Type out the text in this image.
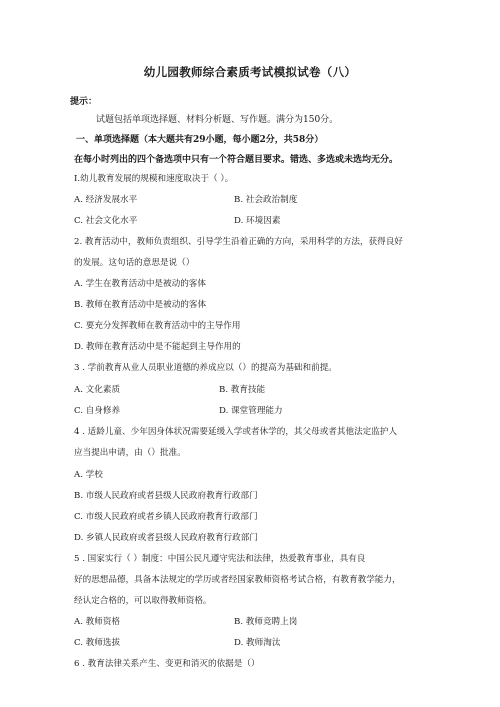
幼儿园教师综合素质考试模拟试卷（八）
提示：
试题包括单项选择题、材料分析题、写作题。满分为150分。
一、单项选择题（本大题共有29小题，每小题2分，共58分）
在每小时列出的四个备选项中只有一个符合题目要求。错选、多选或未选均无分。
I.幼儿教育发展的规模和速度取决于（ ）。
A. 经济发展水平	B. 社会政治制度
C. 社会文化水平	D. 环境因素
2. 教育活动中，教师负责组织、引导学生沿着正确的方向，采用科学的方法，获得良好
的发展。这句话的意思是说（）
A. 学生在教育活动中是被动的客体
B. 教师在教育活动中是被动的客体
C. 要充分发挥教师在教育活动中的主导作用
D. 教师在教育活动中是不能起到主导作用的
3 . 学前教育从业人员职业道德的养成应以（）的提高为基础和前提。
A. 文化素质	B. 教育技能
C. 自身修养	D. 课堂管理能力
4 . 适龄儿童、少年因身体状况需要延缓入学或者休学的，其父母或者其他法定监护人
应当提出申请，由（）批准。
A. 学校
B. 市级人民政府或者县级人民政府教育行政部门
C. 市级人民政府或者乡镇人民政府教育行政部门
D. 乡镇人民政府或者县级人民政府教育行政部门
5 . 国家实行（ ）制度：中国公民凡遵守宪法和法律，热爱教育事业，具有良
好的思想品德，具备本法规定的学历或者经国家教师资格考试合格，有教育教学能力，
经认定合格的，可以取得教师资格。
A. 教师资格	B. 教师竞聘上岗
C. 教师选拔	D. 教师淘汰
6 . 教育法律关系产生、变更和消灭的依据是（）
